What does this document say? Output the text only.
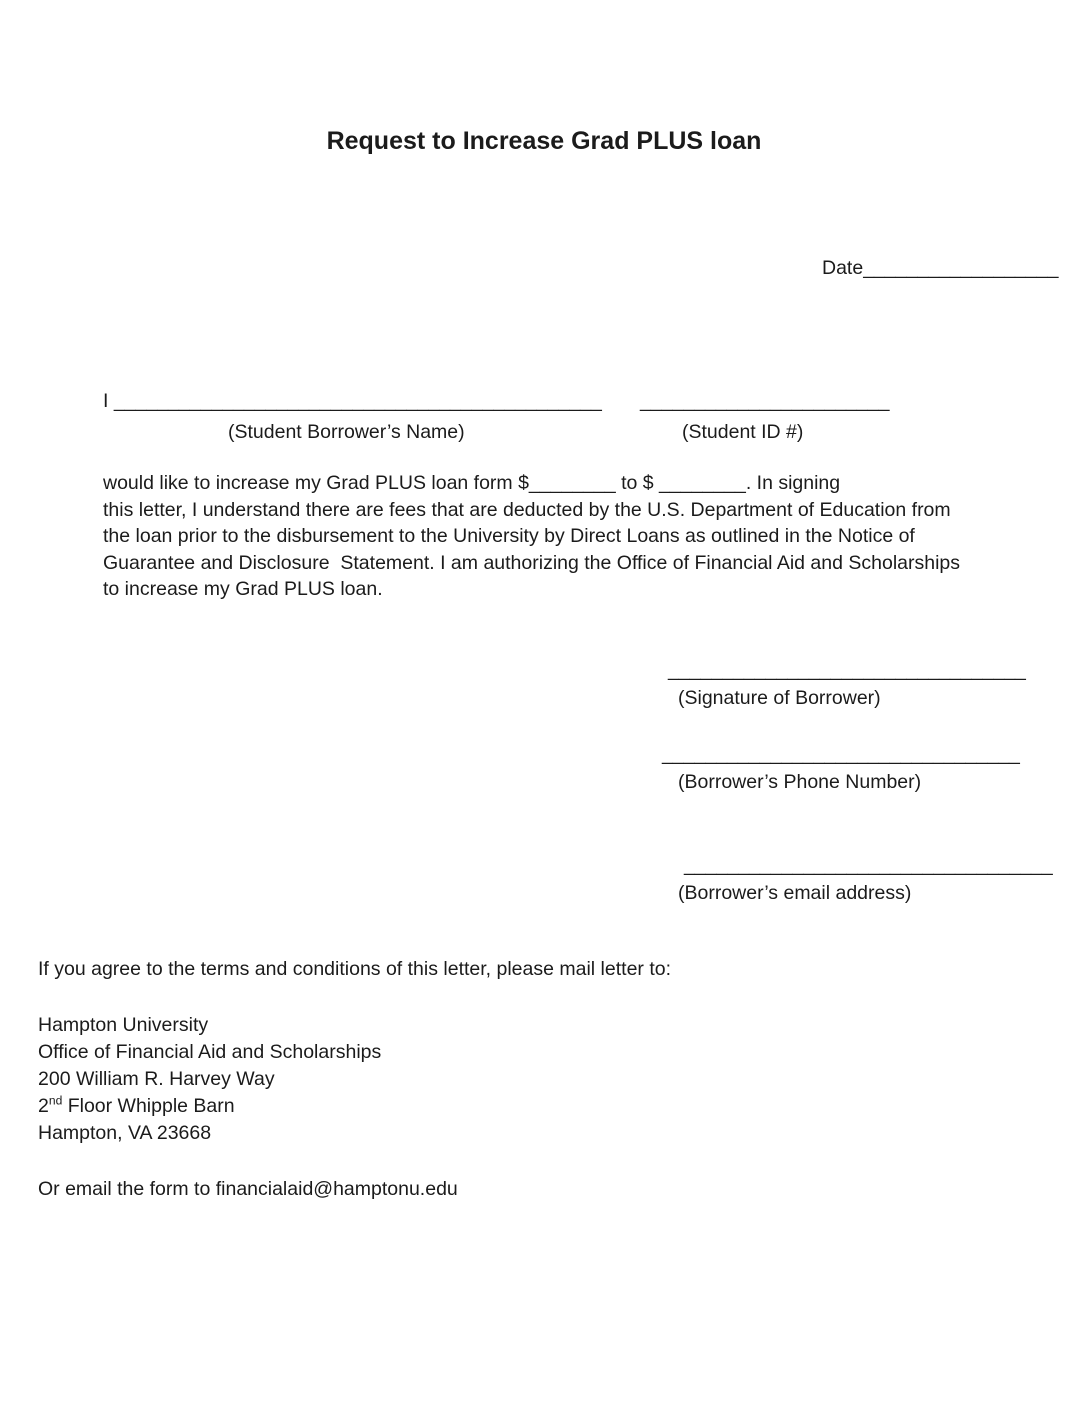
Request to Increase Grad PLUS loan
Date__________________
I _____________________________________________ _______________________
(Student Borrower’s Name)	(Student ID #)
would like to increase my Grad PLUS loan form $________ to $ ________. In signing
this letter, I understand there are fees that are deducted by the U.S. Department of Education from
the loan prior to the disbursement to the University by Direct Loans as outlined in the Notice of
Guarantee and Disclosure  Statement. I am authorizing the Office of Financial Aid and Scholarships
to increase my Grad PLUS loan.
_________________________________
(Signature of Borrower)
_________________________________
(Borrower’s Phone Number)
__________________________________
(Borrower’s email address)
If you agree to the terms and conditions of this letter, please mail letter to:
Hampton University
Office of Financial Aid and Scholarships
200 William R. Harvey Way
2nd Floor Whipple Barn
Hampton, VA 23668
Or email the form to financialaid@hamptonu.edu
